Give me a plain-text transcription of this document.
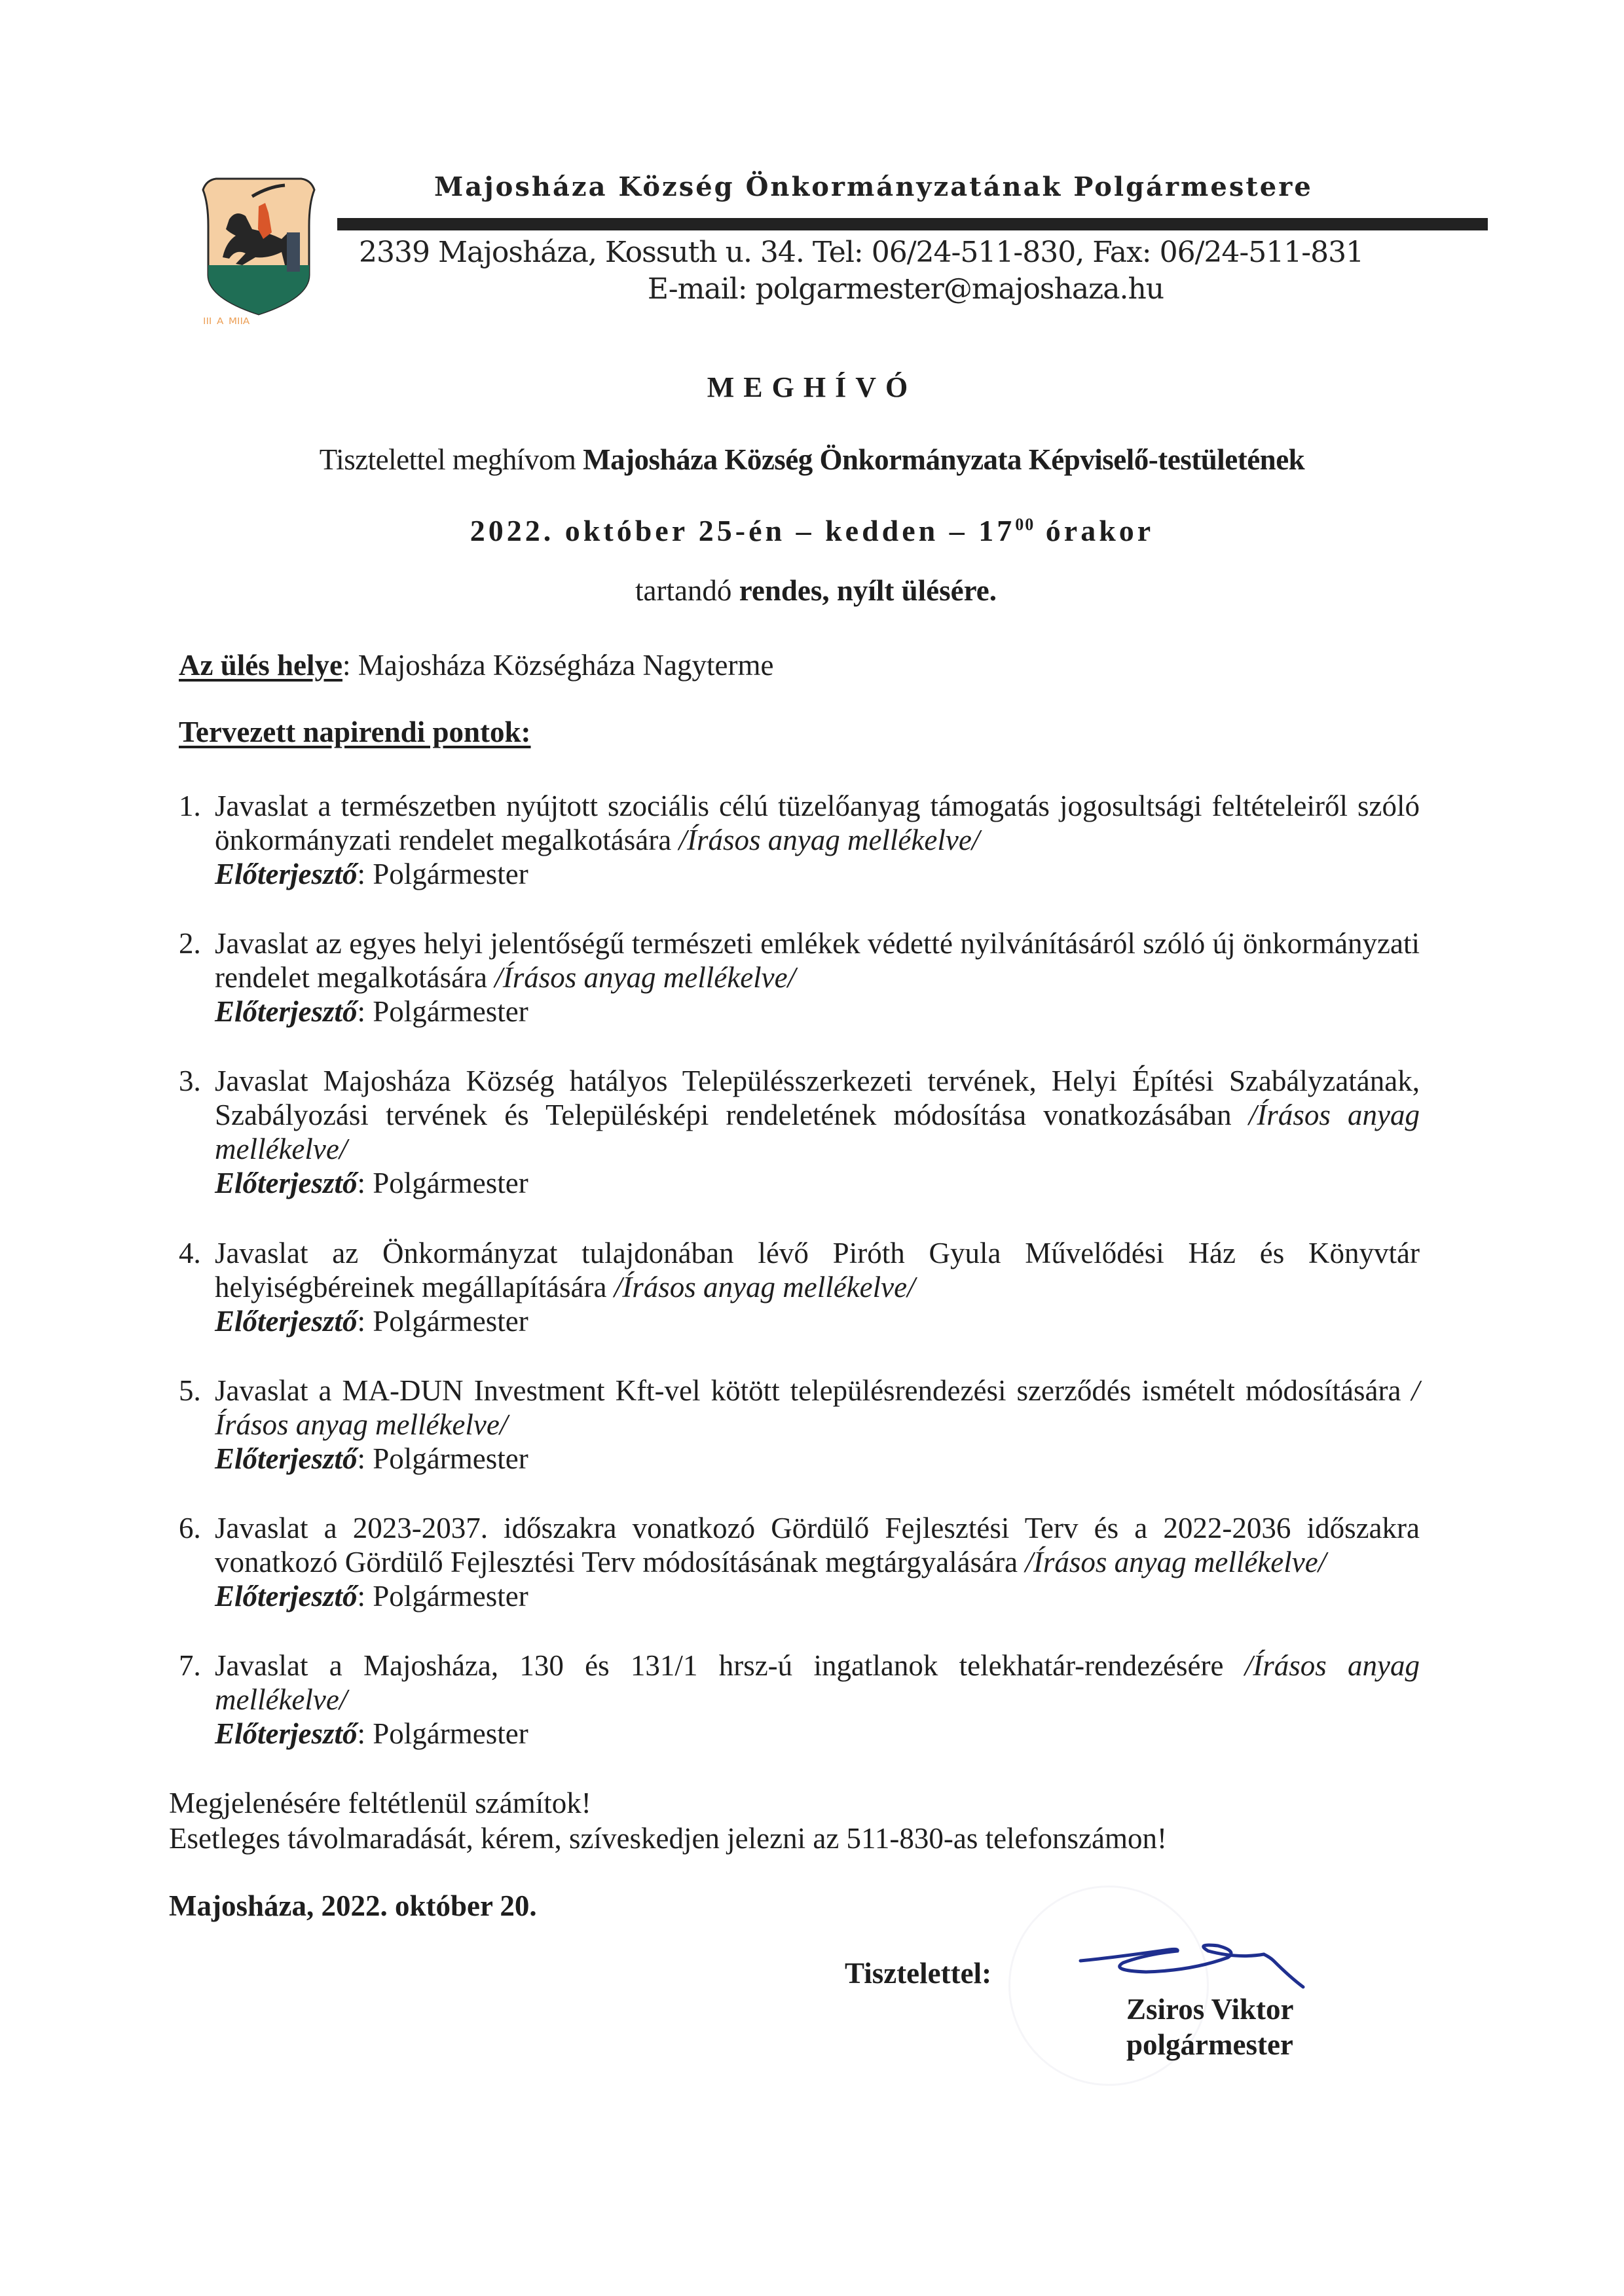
ᴵᴵᴵ ᴬ ᴹᴵᴵᴬ
Majosháza Község Önkormányzatának Polgármestere
2339 Majosháza, Kossuth u. 34. Tel: 06/24-511-830, Fax: 06/24-511-831
E-mail: polgarmester@majoshaza.hu
MEGHÍVÓ
Tisztelettel meghívom Majosháza Község Önkormányzata Képviselő-testületének
2022. október 25-én – kedden – $17^{00}$ órakor
tartandó rendes, nyílt ülésére.
Az ülés helye: Majosháza Községháza Nagyterme
Tervezett napirendi pontok:
1. Javaslat a természetben nyújtott szociális célú tüzelőanyag támogatás jogosultsági feltételeiről szóló önkormányzati rendelet megalkotására /Írásos anyag mellékelve/
Előterjesztő: Polgármester
2. Javaslat az egyes helyi jelentőségű természeti emlékek védetté nyilvánításáról szóló új önkormányzati rendelet megalkotására /Írásos anyag mellékelve/
Előterjesztő: Polgármester
3. Javaslat Majosháza Község hatályos Településszerkezeti tervének, Helyi Építési Szabályzatának, Szabályozási tervének és Településképi rendeletének módosítása vonatkozásában /Írásos anyag mellékelve/
Előterjesztő: Polgármester
4. Javaslat az Önkormányzat tulajdonában lévő Piróth Gyula Művelődési Ház és Könyvtár helyiségbéreinek megállapítására /Írásos anyag mellékelve/
Előterjesztő: Polgármester
5. Javaslat a MA-DUN Investment Kft-vel kötött településrendezési szerződés ismételt módosítására /Írásos anyag mellékelve/
Előterjesztő: Polgármester
6. Javaslat a 2023-2037. időszakra vonatkozó Gördülő Fejlesztési Terv és a 2022-2036 időszakra vonatkozó Gördülő Fejlesztési Terv módosításának megtárgyalására /Írásos anyag mellékelve/
Előterjesztő: Polgármester
7. Javaslat a Majosháza, 130 és 131/1 hrsz-ú ingatlanok telekhatár-rendezésére /Írásos anyag mellékelve/
Előterjesztő: Polgármester
Megjelenésére feltétlenül számítok!
Esetleges távolmaradását, kérem, szíveskedjen jelezni az 511-830-as telefonszámon!
Majosháza, 2022. október 20.
Tisztelettel:
Zsiros Viktor
polgármester
